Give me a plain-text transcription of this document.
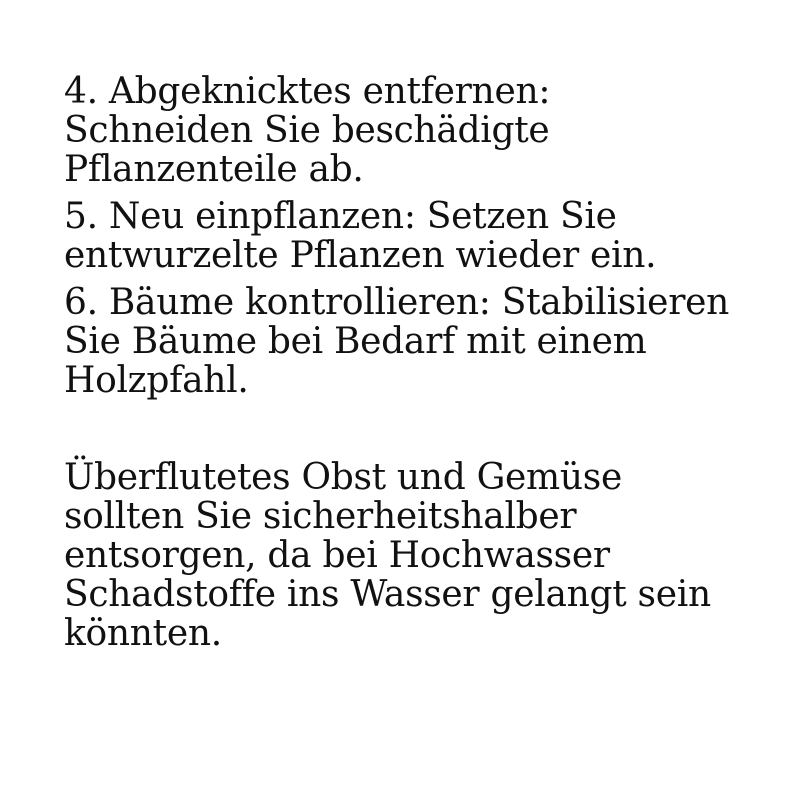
4. Abgeknicktes entfernen: Schneiden Sie beschädigte Pflanzenteile ab.

5. Neu einpflanzen: Setzen Sie entwurzelte Pflanzen wieder ein.

6. Bäume kontrollieren: Stabilisieren Sie Bäume bei Bedarf mit einem Holzpfahl.

Überflutetes Obst und Gemüse sollten Sie sicherheitshalber entsorgen, da bei Hochwasser Schadstoffe ins Wasser gelangt sein könnten.
